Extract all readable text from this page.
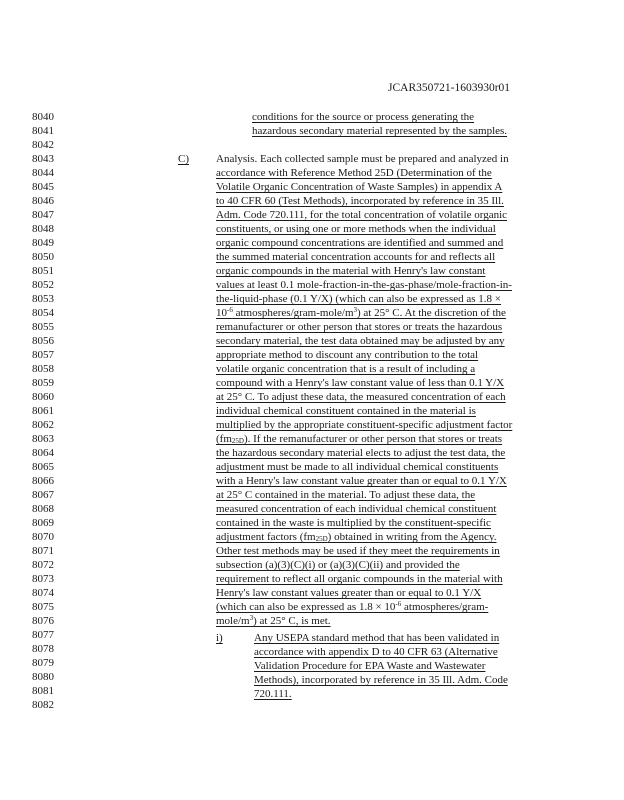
JCAR350721-1603930r01
8040
8041
8042
8043
8044
8045
8046
8047
8048
8049
8050
8051
8052
8053
8054
8055
8056
8057
8058
8059
8060
8061
8062
8063
8064
8065
8066
8067
8068
8069
8070
8071
8072
8073
8074
8075
8076
8077
8078
8079
8080
8081
8082
conditions for the source or process generating the
hazardous secondary material represented by the samples.
C) Analysis. Each collected sample must be prepared and analyzed in
accordance with Reference Method 25D (Determination of the
Volatile Organic Concentration of Waste Samples) in appendix A
to 40 CFR 60 (Test Methods), incorporated by reference in 35 Ill.
Adm. Code 720.111, for the total concentration of volatile organic
constituents, or using one or more methods when the individual
organic compound concentrations are identified and summed and
the summed material concentration accounts for and reflects all
organic compounds in the material with Henry's law constant
values at least 0.1 mole-fraction-in-the-gas-phase/mole-fraction-in-
the-liquid-phase (0.1 Y/X) (which can also be expressed as 1.8 ×
$10^{-6}$ atmospheres/$gram-mole/m^3$) at 25° C. At the discretion of the
remanufacturer or other person that stores or treats the hazardous
secondary material, the test data obtained may be adjusted by any
appropriate method to discount any contribution to the total
volatile organic concentration that is a result of including a
compound with a Henry's law constant value of less than 0.1 Y/X
at 25° C. To adjust these data, the measured concentration of each
individual chemical constituent contained in the material is
multiplied by the appropriate constituent-specific adjustment factor
$(fm_{25D})$. If the remanufacturer or other person that stores or treats
the hazardous secondary material elects to adjust the test data, the
adjustment must be made to all individual chemical constituents
with a Henry's law constant value greater than or equal to 0.1 Y/X
at 25° C contained in the material. To adjust these data, the
measured concentration of each individual chemical constituent
contained in the waste is multiplied by the constituent-specific
adjustment factors $(fm_{25D})$ obtained in writing from the Agency.
Other test methods may be used if they meet the requirements in
subsection (a)(3)(C)(i) or (a)(3)(C)(ii) and provided the
requirement to reflect all organic compounds in the material with
Henry's law constant values greater than or equal to 0.1 Y/X
(which can also be expressed as $1.8 \times 10^{-6}$ atmospheres/gram-
mole/$m^3$) at 25° C, is met.
i)	Any USEPA standard method that has been validated in
accordance with appendix D to 40 CFR 63 (Alternative
Validation Procedure for EPA Waste and Wastewater
Methods), incorporated by reference in 35 Ill. Adm. Code
720.111.
